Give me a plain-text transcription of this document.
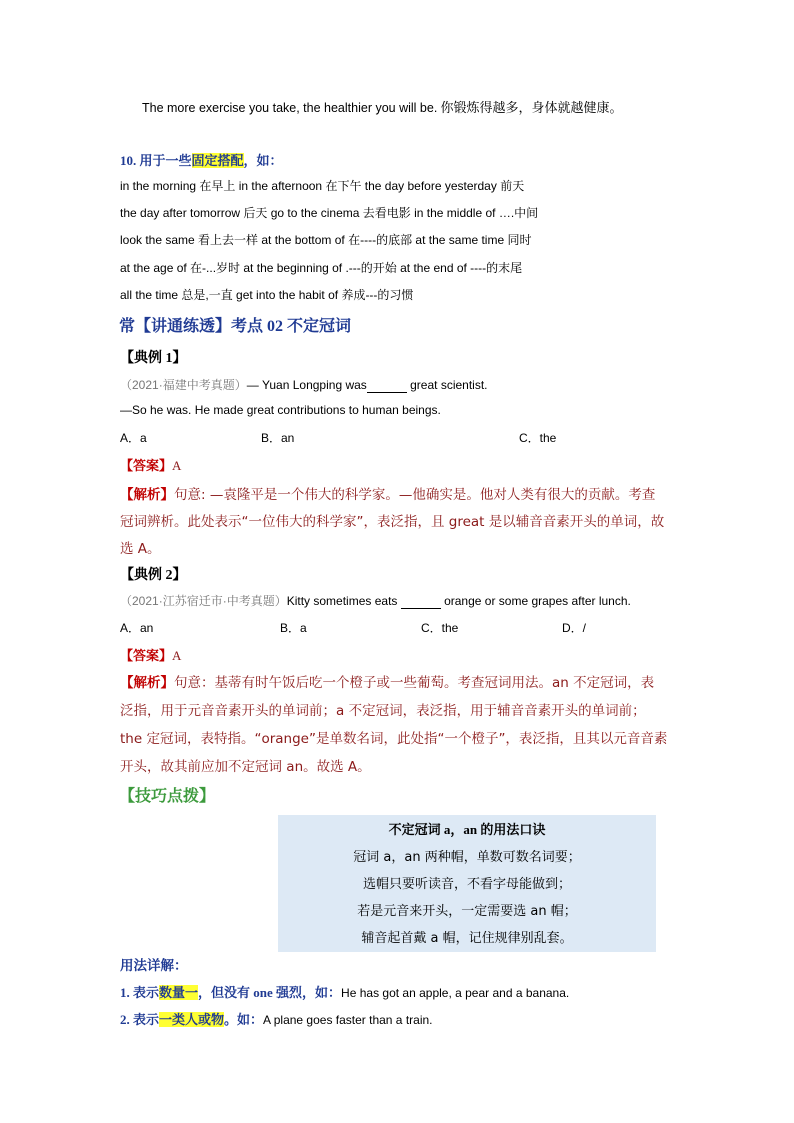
The more exercise you take, the healthier you will be. 你锻炼得越多，身体就越健康。
10. 用于一些固定搭配，如：
in the morning 在早上 in the afternoon 在下午 the day before yesterday 前天
the day after tomorrow 后天 go to the cinema 去看电影 in the middle of ….中间
look the same 看上去一样 at the bottom of 在----的底部 at the same time 同时
at the age of 在-...岁时 at the beginning of .---的开始 at the end of ----的末尾
all the time 总是,一直 get into the habit of 养成---的习惯
常【讲通练透】考点 02 不定冠词
【典例 1】
（2021·福建中考真题）— Yuan Longping was	great scientist.
—So he was. He made great contributions to human beings.
A．a	B．an	C．the
【答案】A
【解析】句意: —袁隆平是一个伟大的科学家。—他确实是。他对人类有很大的贡献。考查
冠词辨析。此处表示“一位伟大的科学家”，表泛指，且 great 是以辅音音素开头的单词，故
选 A。
【典例 2】
（2021·江苏宿迁市·中考真题）Kitty sometimes eats	orange or some grapes after lunch.
A．an	B．a	C．the	D．/
【答案】A
【解析】句意：基蒂有时午饭后吃一个橙子或一些葡萄。考查冠词用法。an 不定冠词，表
泛指，用于元音音素开头的单词前；a 不定冠词，表泛指，用于辅音音素开头的单词前；
the 定冠词，表特指。“orange”是单数名词，此处指“一个橙子”，表泛指，且其以元音音素
开头，故其前应加不定冠词 an。故选 A。
【技巧点拨】
不定冠词 a，an 的用法口诀
冠词 a，an 两种帽，单数可数名词要；
选帽只要听读音，不看字母能做到；
若是元音来开头，一定需要选 an 帽；
辅音起首戴 a 帽，记住规律别乱套。
用法详解：
1. 表示数量一，但没有 one 强烈，如：He has got an apple, a pear and a banana.
2. 表示一类人或物。如：A plane goes faster than a train.
